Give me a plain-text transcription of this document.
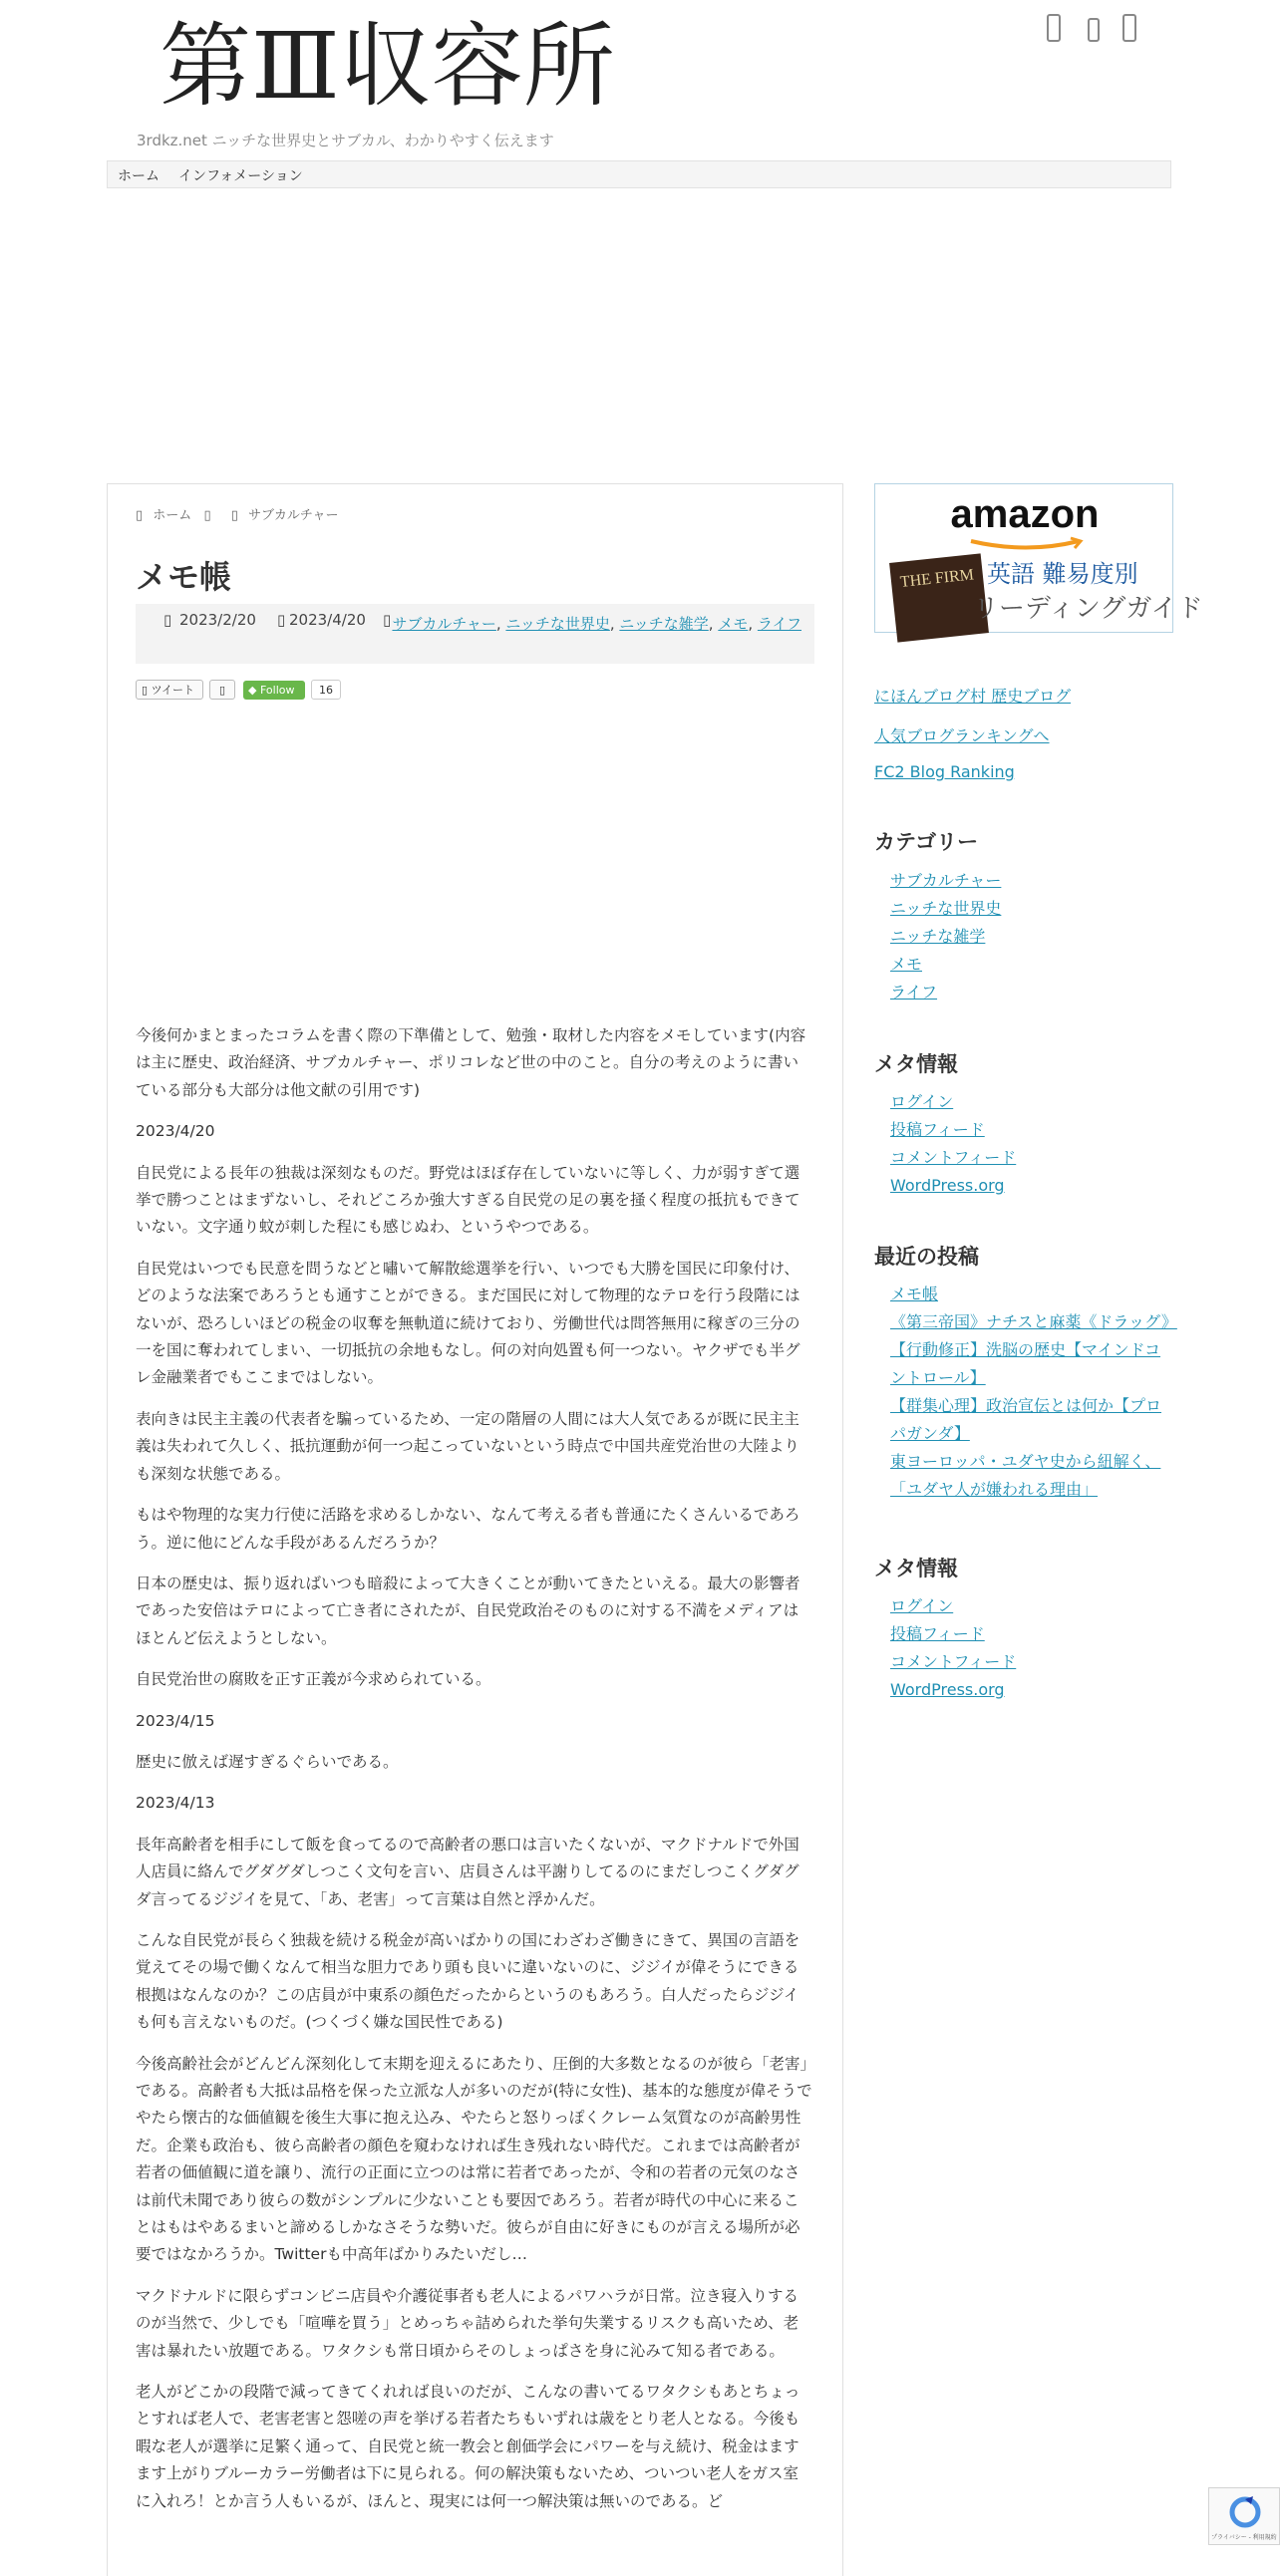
第Ⅲ収容所
3rdkz.net ニッチな世界史とサブカル、わかりやすく伝えます
ホーム インフォメーション
▯ ホーム ▯ ▯ サブカルチャー
メモ帳
▯ 2023/2/20 ▯ 2023/4/20 ▯ サブカルチャー, ニッチな世界史, ニッチな雑学, メモ, ライフ
▯ ツイート	▯	◆ Follow	16

今後何かまとまったコラムを書く際の下準備として、勉強・取材した内容をメモしています(内容は主に歴史、政治経済、サブカルチャー、ポリコレなど世の中のこと。自分の考えのように書いている部分も大部分は他文献の引用です)

2023/4/20

自民党による長年の独裁は深刻なものだ。野党はほぼ存在していないに等しく、力が弱すぎて選挙で勝つことはまずないし、それどころか強大すぎる自民党の足の裏を掻く程度の抵抗もできていない。文字通り蚊が刺した程にも感じぬわ、というやつである。

自民党はいつでも民意を問うなどと嘯いて解散総選挙を行い、いつでも大勝を国民に印象付け、どのような法案であろうとも通すことができる。まだ国民に対して物理的なテロを行う段階にはないが、恐ろしいほどの税金の収奪を無軌道に続けており、労働世代は問答無用に稼ぎの三分の一を国に奪われてしまい、一切抵抗の余地もなし。何の対向処置も何一つない。ヤクザでも半グレ金融業者でもここまではしない。

表向きは民主主義の代表者を騙っているため、一定の階層の人間には大人気であるが既に民主主義は失われて久しく、抵抗運動が何一つ起こっていないという時点で中国共産党治世の大陸よりも深刻な状態である。

もはや物理的な実力行使に活路を求めるしかない、なんて考える者も普通にたくさんいるであろう。逆に他にどんな手段があるんだろうか？

日本の歴史は、振り返ればいつも暗殺によって大きくことが動いてきたといえる。最大の影響者であった安倍はテロによって亡き者にされたが、自民党政治そのものに対する不満をメディアはほとんど伝えようとしない。

自民党治世の腐敗を正す正義が今求められている。

2023/4/15

歴史に倣えば遅すぎるぐらいである。

2023/4/13

長年高齢者を相手にして飯を食ってるので高齢者の悪口は言いたくないが、マクドナルドで外国人店員に絡んでグダグダしつこく文句を言い、店員さんは平謝りしてるのにまだしつこくグダグダ言ってるジジイを見て、「あ、老害」って言葉は自然と浮かんだ。

こんな自民党が長らく独裁を続ける税金が高いばかりの国にわざわざ働きにきて、異国の言語を覚えてその場で働くなんて相当な胆力であり頭も良いに違いないのに、ジジイが偉そうにできる根拠はなんなのか？この店員が中東系の顔色だったからというのもあろう。白人だったらジジイも何も言えないものだ。(つくづく嫌な国民性である)

今後高齢社会がどんどん深刻化して末期を迎えるにあたり、圧倒的大多数となるのが彼ら「老害」である。高齢者も大抵は品格を保った立派な人が多いのだが(特に女性)、基本的な態度が偉そうでやたら懐古的な価値観を後生大事に抱え込み、やたらと怒りっぽくクレーム気質なのが高齢男性だ。企業も政治も、彼ら高齢者の顔色を窺わなければ生き残れない時代だ。これまでは高齢者が若者の価値観に道を譲り、流行の正面に立つのは常に若者であったが、令和の若者の元気のなさは前代未聞であり彼らの数がシンプルに少ないことも要因であろう。若者が時代の中心に来ることはもはやあるまいと諦めるしかなさそうな勢いだ。彼らが自由に好きにものが言える場所が必要ではなかろうか。Twitterも中高年ばかりみたいだし…

マクドナルドに限らずコンビニ店員や介護従事者も老人によるパワハラが日常。泣き寝入りするのが当然で、少しでも「喧嘩を買う」とめっちゃ詰められた挙句失業するリスクも高いため、老害は暴れたい放題である。ワタクシも常日頃からそのしょっぱさを身に沁みて知る者である。

老人がどこかの段階で減ってきてくれれば良いのだが、こんなの書いてるワタクシもあとちょっとすれば老人で、老害老害と怨嗟の声を挙げる若者たちもいずれは歳をとり老人となる。今後も暇な老人が選挙に足繁く通って、自民党と統一教会と創価学会にパワーを与え続け、税金はますます上がりブルーカラー労働者は下に見られる。何の解決策もないため、ついつい老人をガス室に入れろ！とか言う人もいるが、ほんと、現実には何一つ解決策は無いのである。ど

amazon
THE FIRM 英語 難易度別
リーディングガイド
にほんブログ村 歴史ブログ
人気ブログランキングへ
FC2 Blog Ranking
カテゴリー
サブカルチャー
ニッチな世界史
ニッチな雑学
メモ
ライフ
メタ情報
ログイン
投稿フィード
コメントフィード
WordPress.org
最近の投稿
メモ帳
《第三帝国》ナチスと麻薬《ドラッグ》
【行動修正】洗脳の歴史【マインドコントロール】
【群集心理】政治宣伝とは何か【プロパガンダ】
東ヨーロッパ・ユダヤ史から紐解く、「ユダヤ人が嫌われる理由」
メタ情報
ログイン
投稿フィード
コメントフィード
WordPress.org
プライバシー - 利用規約
